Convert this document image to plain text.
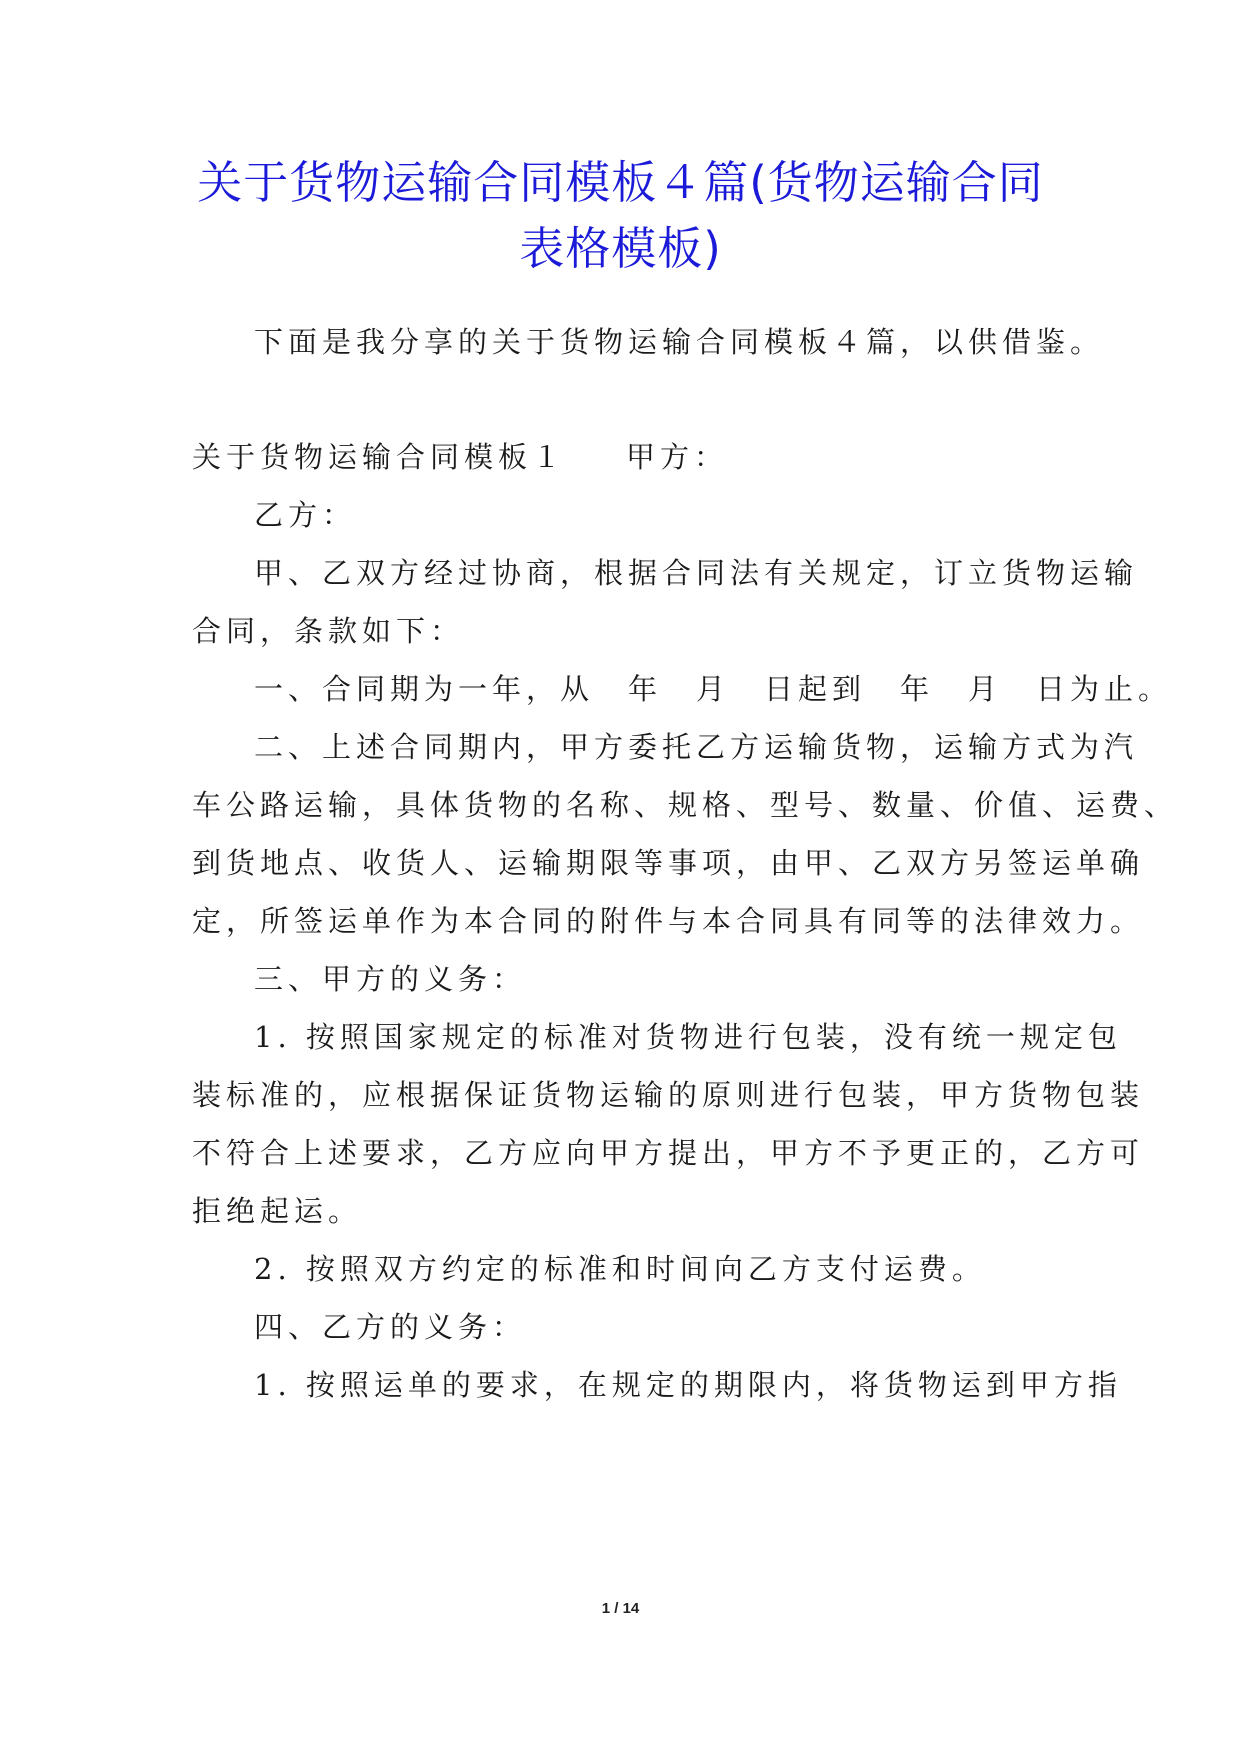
关于货物运输合同模板４篇(货物运输合同
表格模板)
下面是我分享的关于货物运输合同模板４篇，以供借鉴。
关于货物运输合同模板１ 甲方：
乙方：
甲、乙双方经过协商，根据合同法有关规定，订立货物运输
合同，条款如下：
一、合同期为一年，从　年　月　日起到　年　月　日为止。
二、上述合同期内，甲方委托乙方运输货物，运输方式为汽
车公路运输，具体货物的名称、规格、型号、数量、价值、运费、
到货地点、收货人、运输期限等事项，由甲、乙双方另签运单确
定，所签运单作为本合同的附件与本合同具有同等的法律效力。
三、甲方的义务：
1. 按照国家规定的标准对货物进行包装，没有统一规定包
装标准的，应根据保证货物运输的原则进行包装，甲方货物包装
不符合上述要求，乙方应向甲方提出，甲方不予更正的，乙方可
拒绝起运。
2. 按照双方约定的标准和时间向乙方支付运费。
四、乙方的义务：
1. 按照运单的要求，在规定的期限内，将货物运到甲方指
1 / 14
